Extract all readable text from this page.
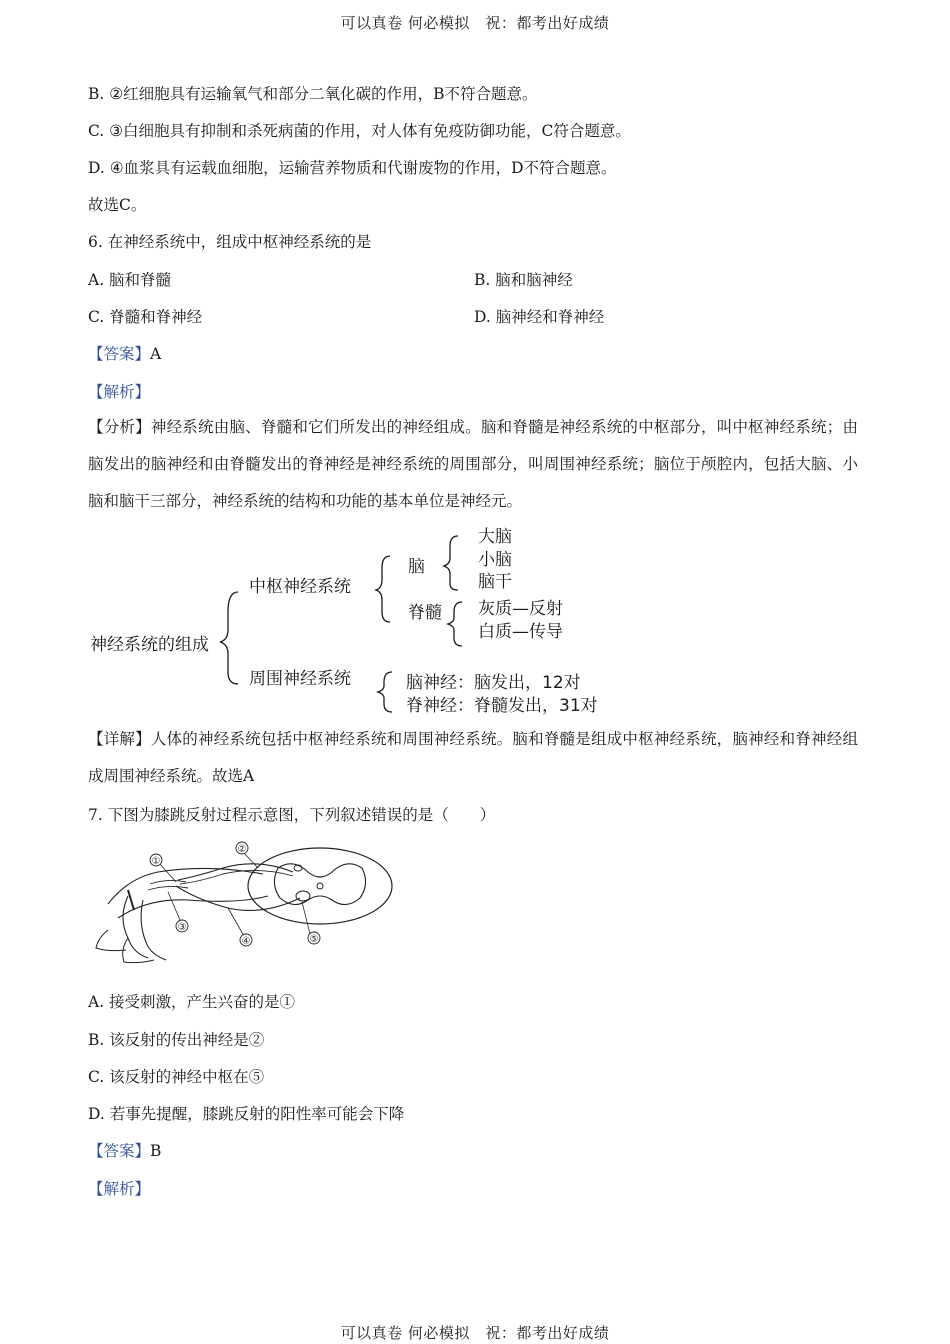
可以真卷 何必模拟　祝：都考出好成绩
B. ②红细胞具有运输氧气和部分二氧化碳的作用，B不符合题意。
C. ③白细胞具有抑制和杀死病菌的作用，对人体有免疫防御功能，C符合题意。
D. ④血浆具有运载血细胞，运输营养物质和代谢废物的作用，D不符合题意。
故选C。
6. 在神经系统中，组成中枢神经系统的是
A. 脑和脊髓	B. 脑和脑神经
C. 脊髓和脊神经	D. 脑神经和脊神经
【答案】A
【解析】
【分析】神经系统由脑、脊髓和它们所发出的神经组成。脑和脊髓是神经系统的中枢部分，叫中枢神经系统；由脑发出的脑神经和由脊髓发出的脊神经是神经系统的周围部分，叫周围神经系统；脑位于颅腔内，包括大脑、小脑和脑干三部分，神经系统的结构和功能的基本单位是神经元。
神经系统的组成
中枢神经系统
周围神经系统
脑
脊髓
大脑
小脑
脑干
灰质—反射
白质—传导
脑神经：脑发出，12对
脊神经：脊髓发出，31对
【详解】人体的神经系统包括中枢神经系统和周围神经系统。脑和脊髓是组成中枢神经系统，脑神经和脊神经组成周围神经系统。故选A
7. 下图为膝跳反射过程示意图，下列叙述错误的是（　　）
①
②
③
④	⑤
A. 接受刺激，产生兴奋的是①
B. 该反射的传出神经是②
C. 该反射的神经中枢在⑤
D. 若事先提醒，膝跳反射的阳性率可能会下降
【答案】B
【解析】
可以真卷 何必模拟　祝：都考出好成绩
